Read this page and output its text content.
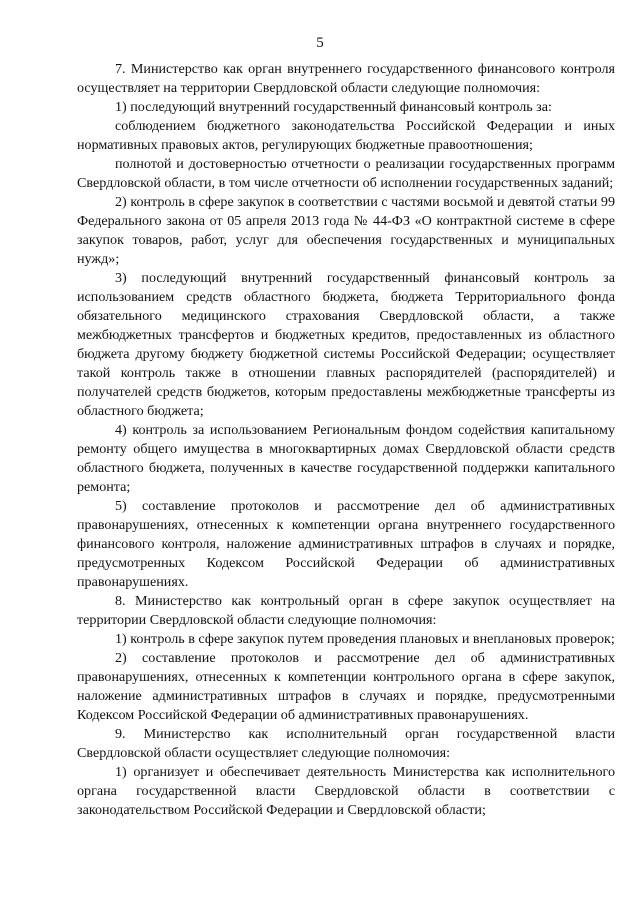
5

7. Министерство как орган внутреннего государственного финансового контроля осуществляет на территории Свердловской области следующие полномочия:

1) последующий внутренний государственный финансовый контроль за:

соблюдением бюджетного законодательства Российской Федерации и иных нормативных правовых актов, регулирующих бюджетные правоотношения;

полнотой и достоверностью отчетности о реализации государственных программ Свердловской области, в том числе отчетности об исполнении государственных заданий;

2) контроль в сфере закупок в соответствии с частями восьмой и девятой статьи 99 Федерального закона от 05 апреля 2013 года № 44-ФЗ «О контрактной системе в сфере закупок товаров, работ, услуг для обеспечения государственных и муниципальных нужд»;

3) последующий внутренний государственный финансовый контроль за использованием средств областного бюджета, бюджета Территориального фонда обязательного медицинского страхования Свердловской области, а также межбюджетных трансфертов и бюджетных кредитов, предоставленных из областного бюджета другому бюджету бюджетной системы Российской Федерации; осуществляет такой контроль также в отношении главных распорядителей (распорядителей) и получателей средств бюджетов, которым предоставлены межбюджетные трансферты из областного бюджета;

4) контроль за использованием Региональным фондом содействия капитальному ремонту общего имущества в многоквартирных домах Свердловской области средств областного бюджета, полученных в качестве государственной поддержки капитального ремонта;

5) составление протоколов и рассмотрение дел об административных правонарушениях, отнесенных к компетенции органа внутреннего государственного финансового контроля, наложение административных штрафов в случаях и порядке, предусмотренных Кодексом Российской Федерации об административных правонарушениях.

8. Министерство как контрольный орган в сфере закупок осуществляет на территории Свердловской области следующие полномочия:

1) контроль в сфере закупок путем проведения плановых и внеплановых проверок;

2) составление протоколов и рассмотрение дел об административных правонарушениях, отнесенных к компетенции контрольного органа в сфере закупок, наложение административных штрафов в случаях и порядке, предусмотренными Кодексом Российской Федерации об административных правонарушениях.

9. Министерство как исполнительный орган государственной власти Свердловской области осуществляет следующие полномочия:

1) организует и обеспечивает деятельность Министерства как исполнительного органа государственной власти Свердловской области в соответствии с законодательством Российской Федерации и Свердловской области;
